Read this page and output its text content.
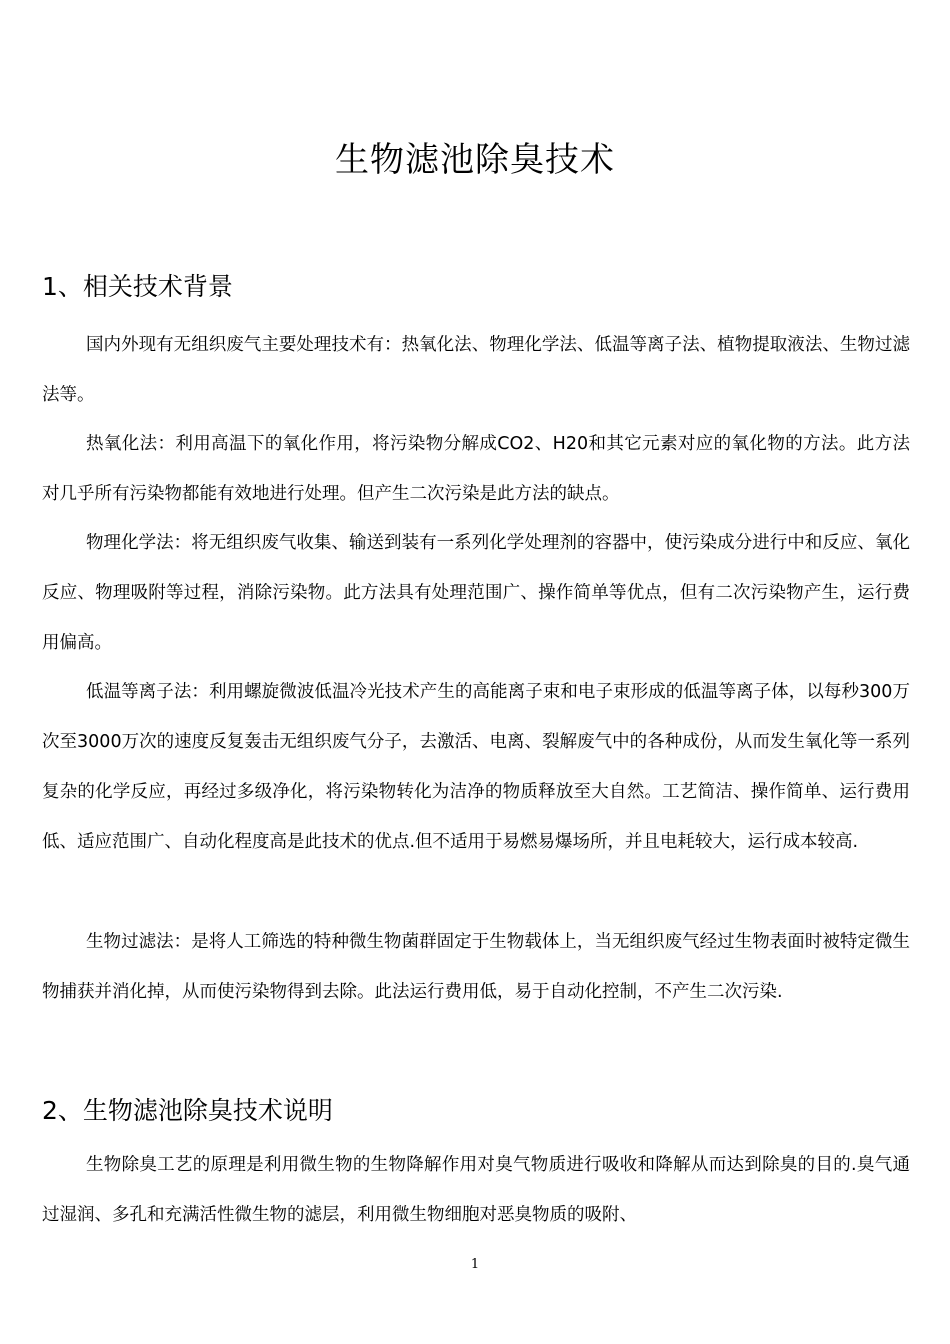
生物滤池除臭技术
1、相关技术背景

国内外现有无组织废气主要处理技术有：热氧化法、物理化学法、低温等离子法、植物提取液法、生物过滤法等。

热氧化法：利用高温下的氧化作用，将污染物分解成CO2、H20和其它元素对应的氧化物的方法。此方法对几乎所有污染物都能有效地进行处理。但产生二次污染是此方法的缺点。

物理化学法：将无组织废气收集、输送到装有一系列化学处理剂的容器中，使污染成分进行中和反应、氧化反应、物理吸附等过程，消除污染物。此方法具有处理范围广、操作简单等优点，但有二次污染物产生，运行费用偏高。

低温等离子法：利用螺旋微波低温冷光技术产生的高能离子束和电子束形成的低温等离子体，以每秒300万次至3000万次的速度反复轰击无组织废气分子，去激活、电离、裂解废气中的各种成份，从而发生氧化等一系列复杂的化学反应，再经过多级净化，将污染物转化为洁净的物质释放至大自然。工艺简洁、操作简单、运行费用低、适应范围广、自动化程度高是此技术的优点.但不适用于易燃易爆场所，并且电耗较大，运行成本较高.

生物过滤法：是将人工筛选的特种微生物菌群固定于生物载体上，当无组织废气经过生物表面时被特定微生物捕获并消化掉，从而使污染物得到去除。此法运行费用低，易于自动化控制，不产生二次污染.

2、生物滤池除臭技术说明

生物除臭工艺的原理是利用微生物的生物降解作用对臭气物质进行吸收和降解从而达到除臭的目的.臭气通过湿润、多孔和充满活性微生物的滤层，利用微生物细胞对恶臭物质的吸附、

1
